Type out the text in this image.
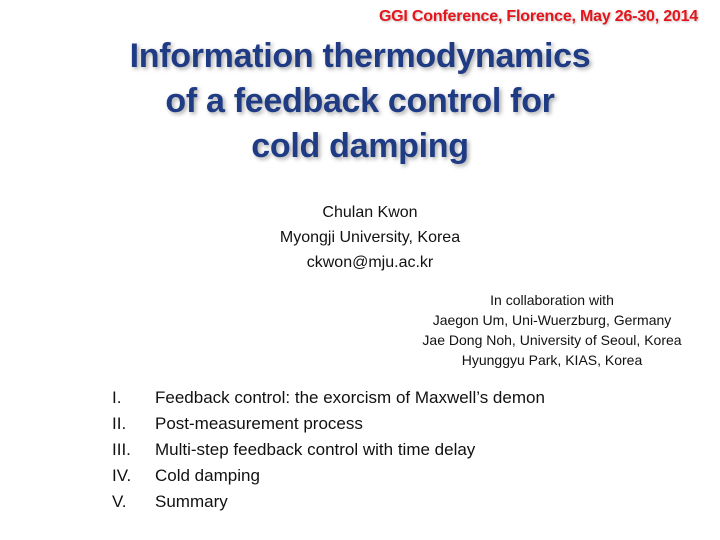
GGI Conference, Florence, May 26-30, 2014
Information thermodynamics
of a feedback control for
cold damping
Chulan Kwon
Myongji University, Korea
ckwon@mju.ac.kr
In collaboration with
Jaegon Um, Uni-Wuerzburg, Germany
Jae Dong Noh, University of Seoul, Korea
Hyunggyu Park, KIAS, Korea
I.	Feedback control: the exorcism of Maxwell’s demon
II.	Post-measurement process
III.	Multi-step feedback control with time delay
IV.	Cold damping
V.	Summary
